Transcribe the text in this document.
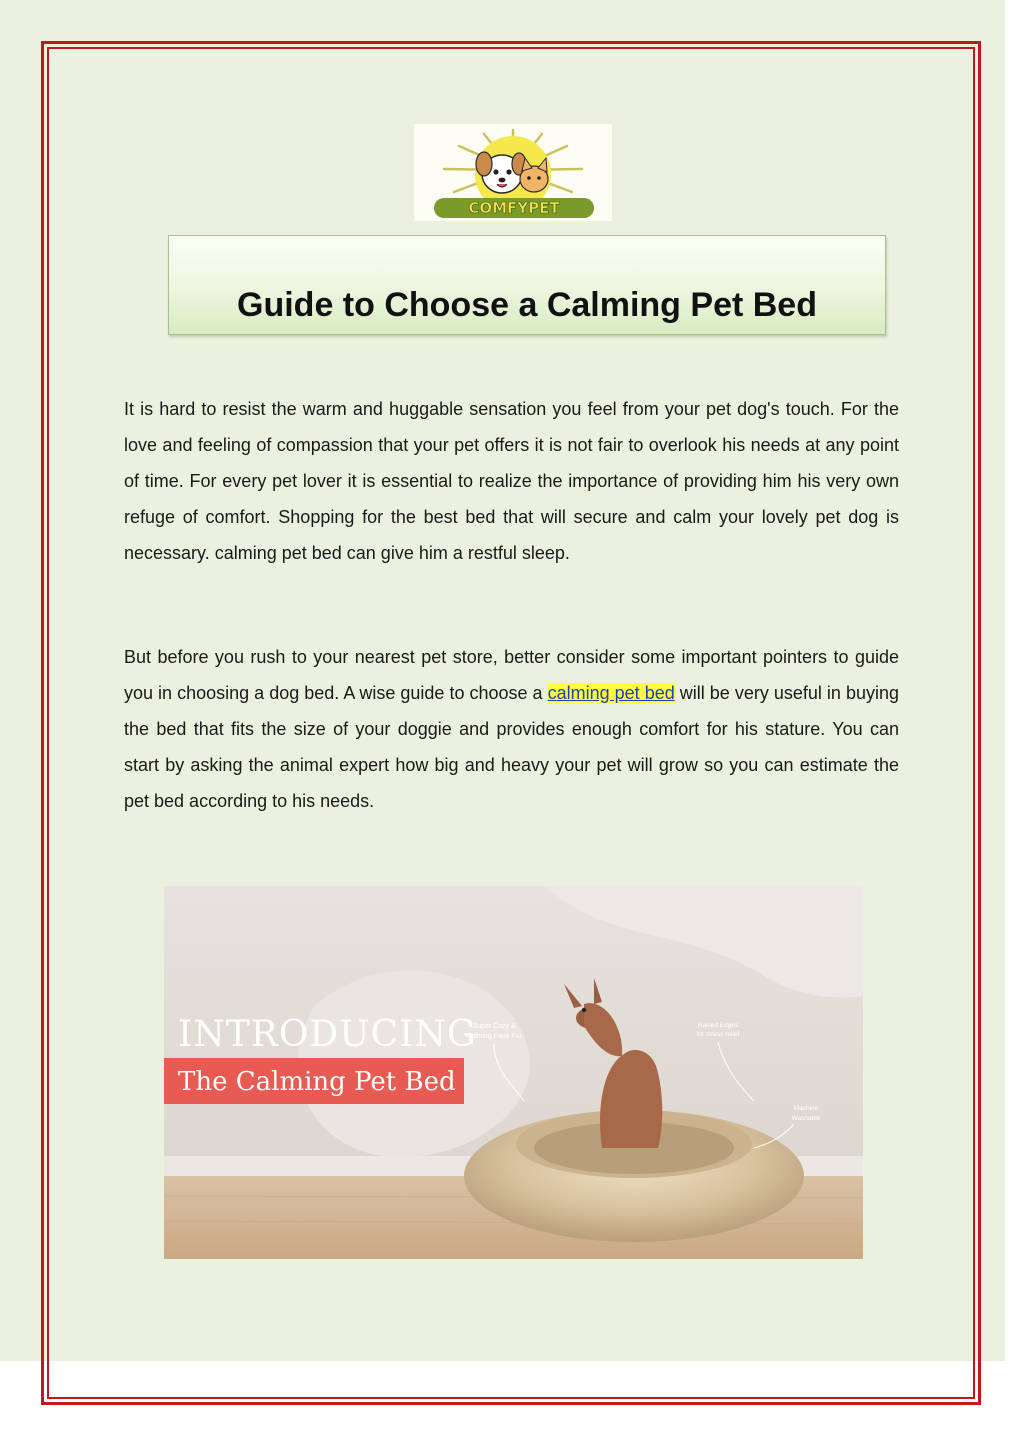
COMFYPET
Guide to Choose a Calming Pet Bed

It is hard to resist the warm and huggable sensation you feel from your pet dog's touch. For the love and feeling of compassion that your pet offers it is not fair to overlook his needs at any point of time. For every pet lover it is essential to realize the importance of providing him his very own refuge of comfort. Shopping for the best bed that will secure and calm your lovely pet dog is necessary. calming pet bed can give him a restful sleep.

But before you rush to your nearest pet store, better consider some important pointers to guide you in choosing a dog bed. A wise guide to choose a calming pet bed will be very useful in buying the bed that fits the size of your doggie and provides enough comfort for his stature. You can start by asking the animal expert how big and heavy your pet will grow so you can estimate the pet bed according to his needs.

INTRODUCING
The Calming Pet Bed
Super Cozy &
Calming Faux Fur
Raised Edges
for stress relief
Machine
Washable
